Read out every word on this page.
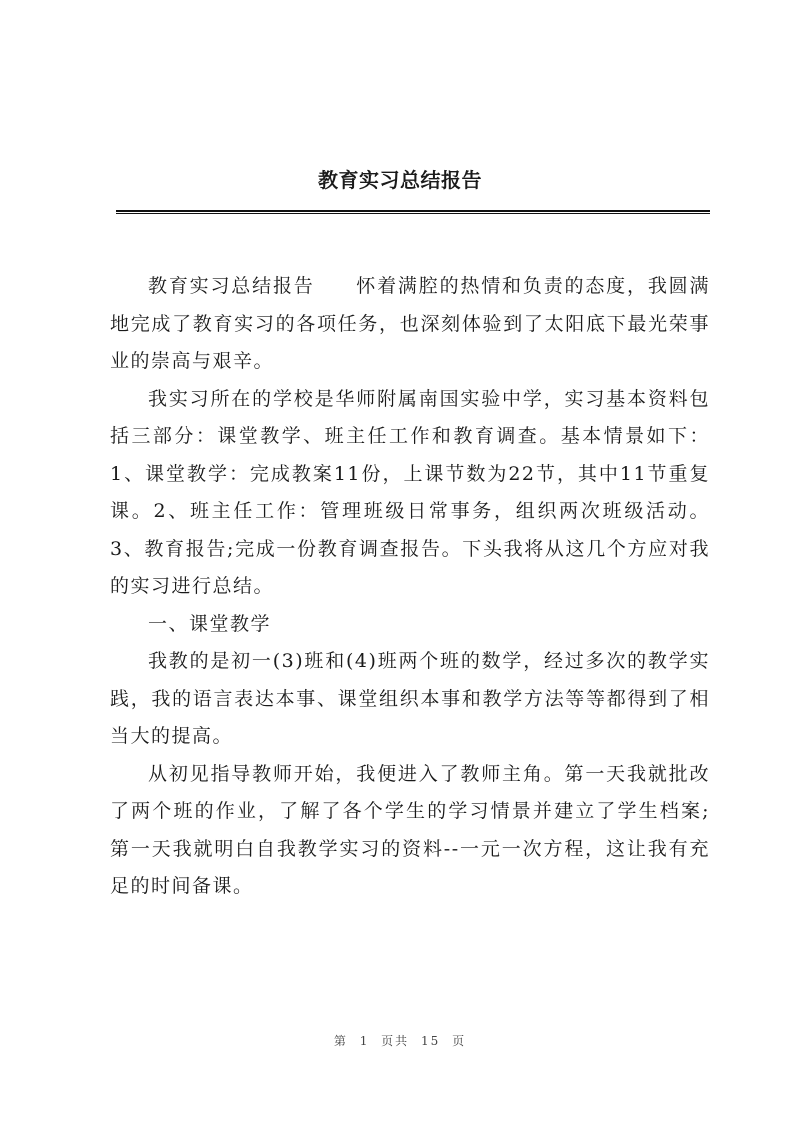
教育实习总结报告

教育实习总结报告　　怀着满腔的热情和负责的态度，我圆满地完成了教育实习的各项任务，也深刻体验到了太阳底下最光荣事业的崇高与艰辛。

我实习所在的学校是华师附属南国实验中学，实习基本资料包括三部分：课堂教学、班主任工作和教育调查。基本情景如下：1、课堂教学：完成教案11份，上课节数为22节，其中11节重复课。2、班主任工作：管理班级日常事务，组织两次班级活动。3、教育报告;完成一份教育调查报告。下头我将从这几个方应对我的实习进行总结。

一、课堂教学

我教的是初一(3)班和(4)班两个班的数学，经过多次的教学实践，我的语言表达本事、课堂组织本事和教学方法等等都得到了相当大的提高。

从初见指导教师开始，我便进入了教师主角。第一天我就批改了两个班的作业，了解了各个学生的学习情景并建立了学生档案;第一天我就明白自我教学实习的资料--一元一次方程，这让我有充足的时间备课。

第 1 页共 15 页
